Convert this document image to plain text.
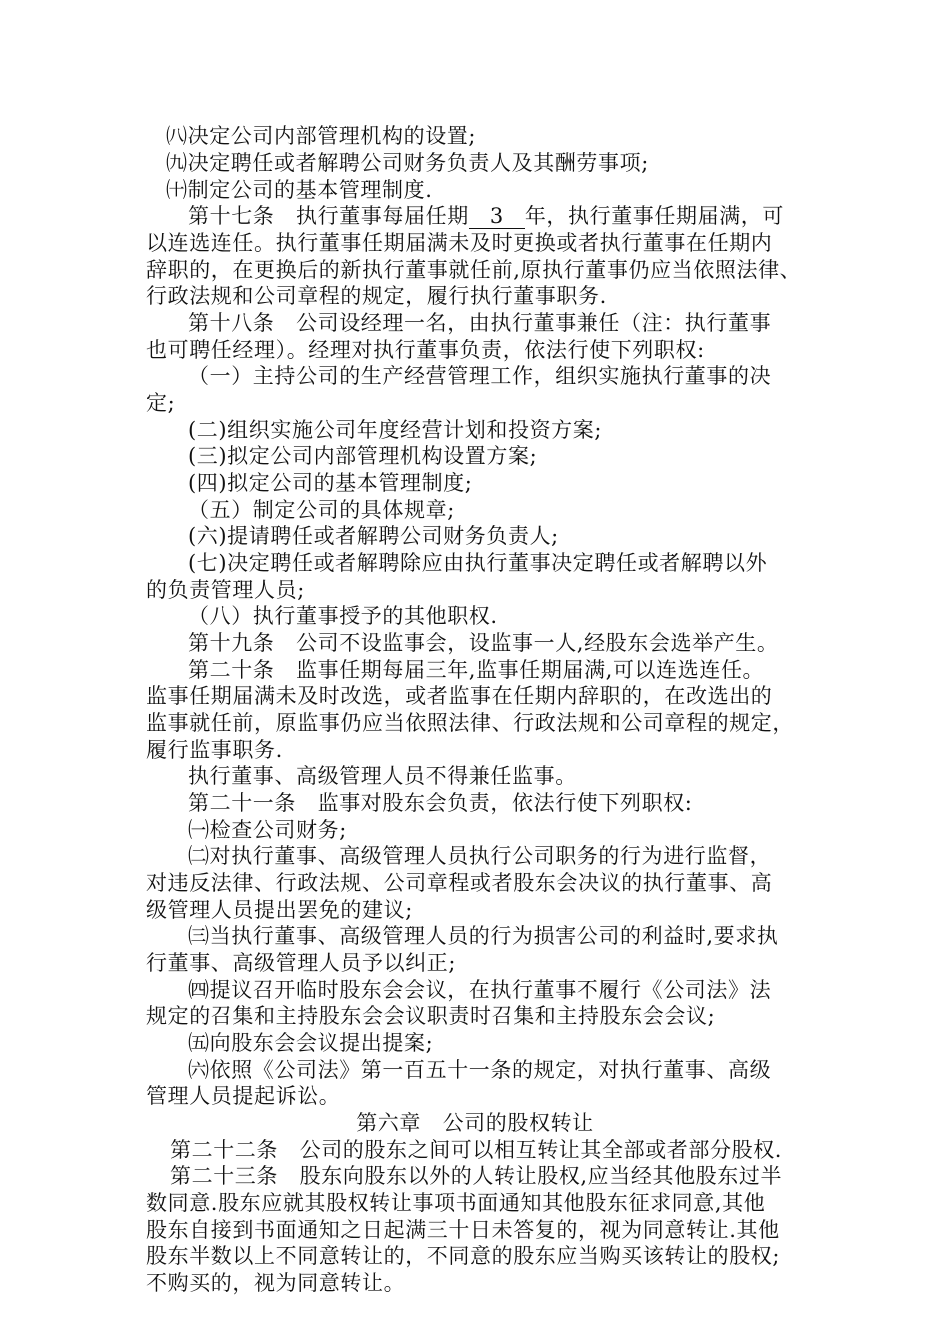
㈧决定公司内部管理机构的设置;
㈨决定聘任或者解聘公司财务负责人及其酬劳事项;
㈩制定公司的基本管理制度.
第十七条　执行董事每届任期 3 年，执行董事任期届满，可
以连选连任。执行董事任期届满未及时更换或者执行董事在任期内
辞职的，在更换后的新执行董事就任前,原执行董事仍应当依照法律、
行政法规和公司章程的规定，履行执行董事职务.
第十八条　公司设经理一名，由执行董事兼任（注：执行董事
也可聘任经理）。经理对执行董事负责，依法行使下列职权:
（一）主持公司的生产经营管理工作，组织实施执行董事的决
定;
(二)组织实施公司年度经营计划和投资方案;
(三)拟定公司内部管理机构设置方案;
(四)拟定公司的基本管理制度;
（五）制定公司的具体规章;
(六)提请聘任或者解聘公司财务负责人;
(七)决定聘任或者解聘除应由执行董事决定聘任或者解聘以外
的负责管理人员;
（八）执行董事授予的其他职权.
第十九条　公司不设监事会，设监事一人,经股东会选举产生。
第二十条　监事任期每届三年,监事任期届满,可以连选连任。
监事任期届满未及时改选，或者监事在任期内辞职的，在改选出的
监事就任前，原监事仍应当依照法律、行政法规和公司章程的规定，
履行监事职务.
执行董事、高级管理人员不得兼任监事。
第二十一条　监事对股东会负责，依法行使下列职权:
㈠检查公司财务;
㈡对执行董事、高级管理人员执行公司职务的行为进行监督，
对违反法律、行政法规、公司章程或者股东会决议的执行董事、高
级管理人员提出罢免的建议;
㈢当执行董事、高级管理人员的行为损害公司的利益时,要求执
行董事、高级管理人员予以纠正;
㈣提议召开临时股东会会议，在执行董事不履行《公司法》法
规定的召集和主持股东会会议职责时召集和主持股东会会议;
㈤向股东会会议提出提案;
㈥依照《公司法》第一百五十一条的规定，对执行董事、高级
管理人员提起诉讼。
第六章　公司的股权转让
第二十二条　公司的股东之间可以相互转让其全部或者部分股权.
第二十三条　股东向股东以外的人转让股权,应当经其他股东过半
数同意.股东应就其股权转让事项书面通知其他股东征求同意,其他
股东自接到书面通知之日起满三十日未答复的，视为同意转让.其他
股东半数以上不同意转让的，不同意的股东应当购买该转让的股权;
不购买的，视为同意转让。
